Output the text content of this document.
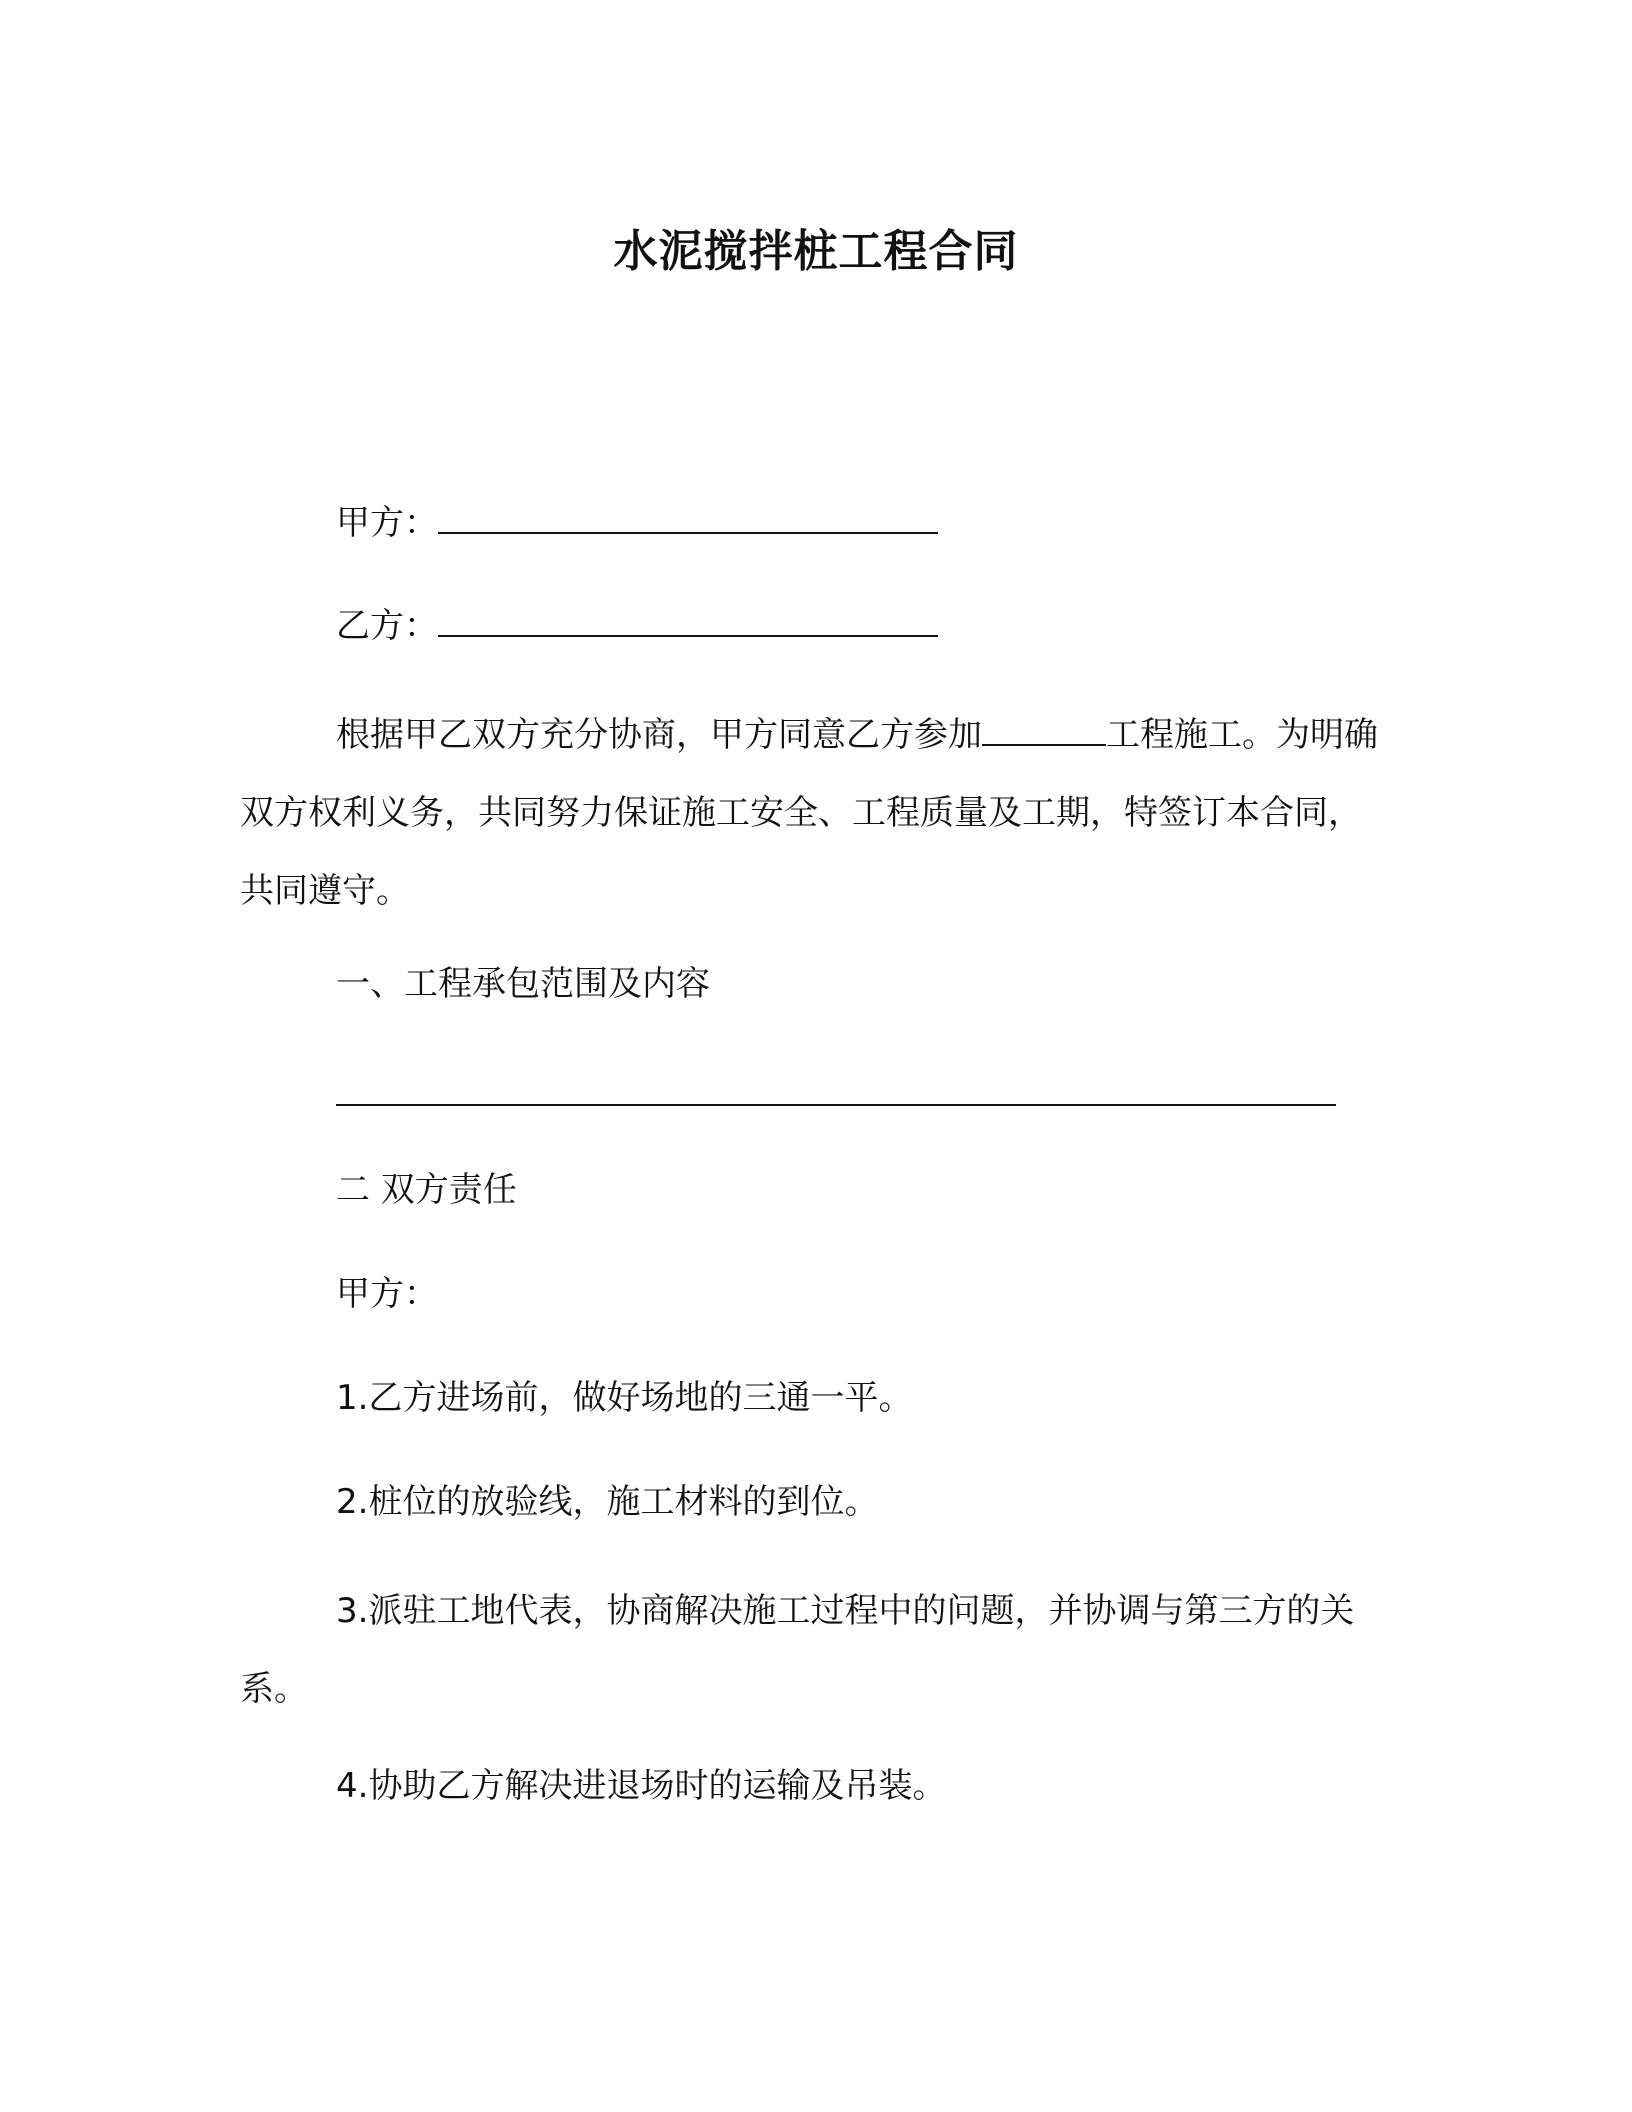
水泥搅拌桩工程合同
甲方：
乙方：
根据甲乙双方充分协商，甲方同意乙方参加	工程施工。为明确双方权利义务，共同努力保证施工安全、工程质量及工期，特签订本合同，共同遵守。
一、工程承包范围及内容
二 双方责任
甲方：
1.乙方进场前，做好场地的三通一平。
2.桩位的放验线，施工材料的到位。
3.派驻工地代表，协商解决施工过程中的问题，并协调与第三方的关系。
4.协助乙方解决进退场时的运输及吊装。
